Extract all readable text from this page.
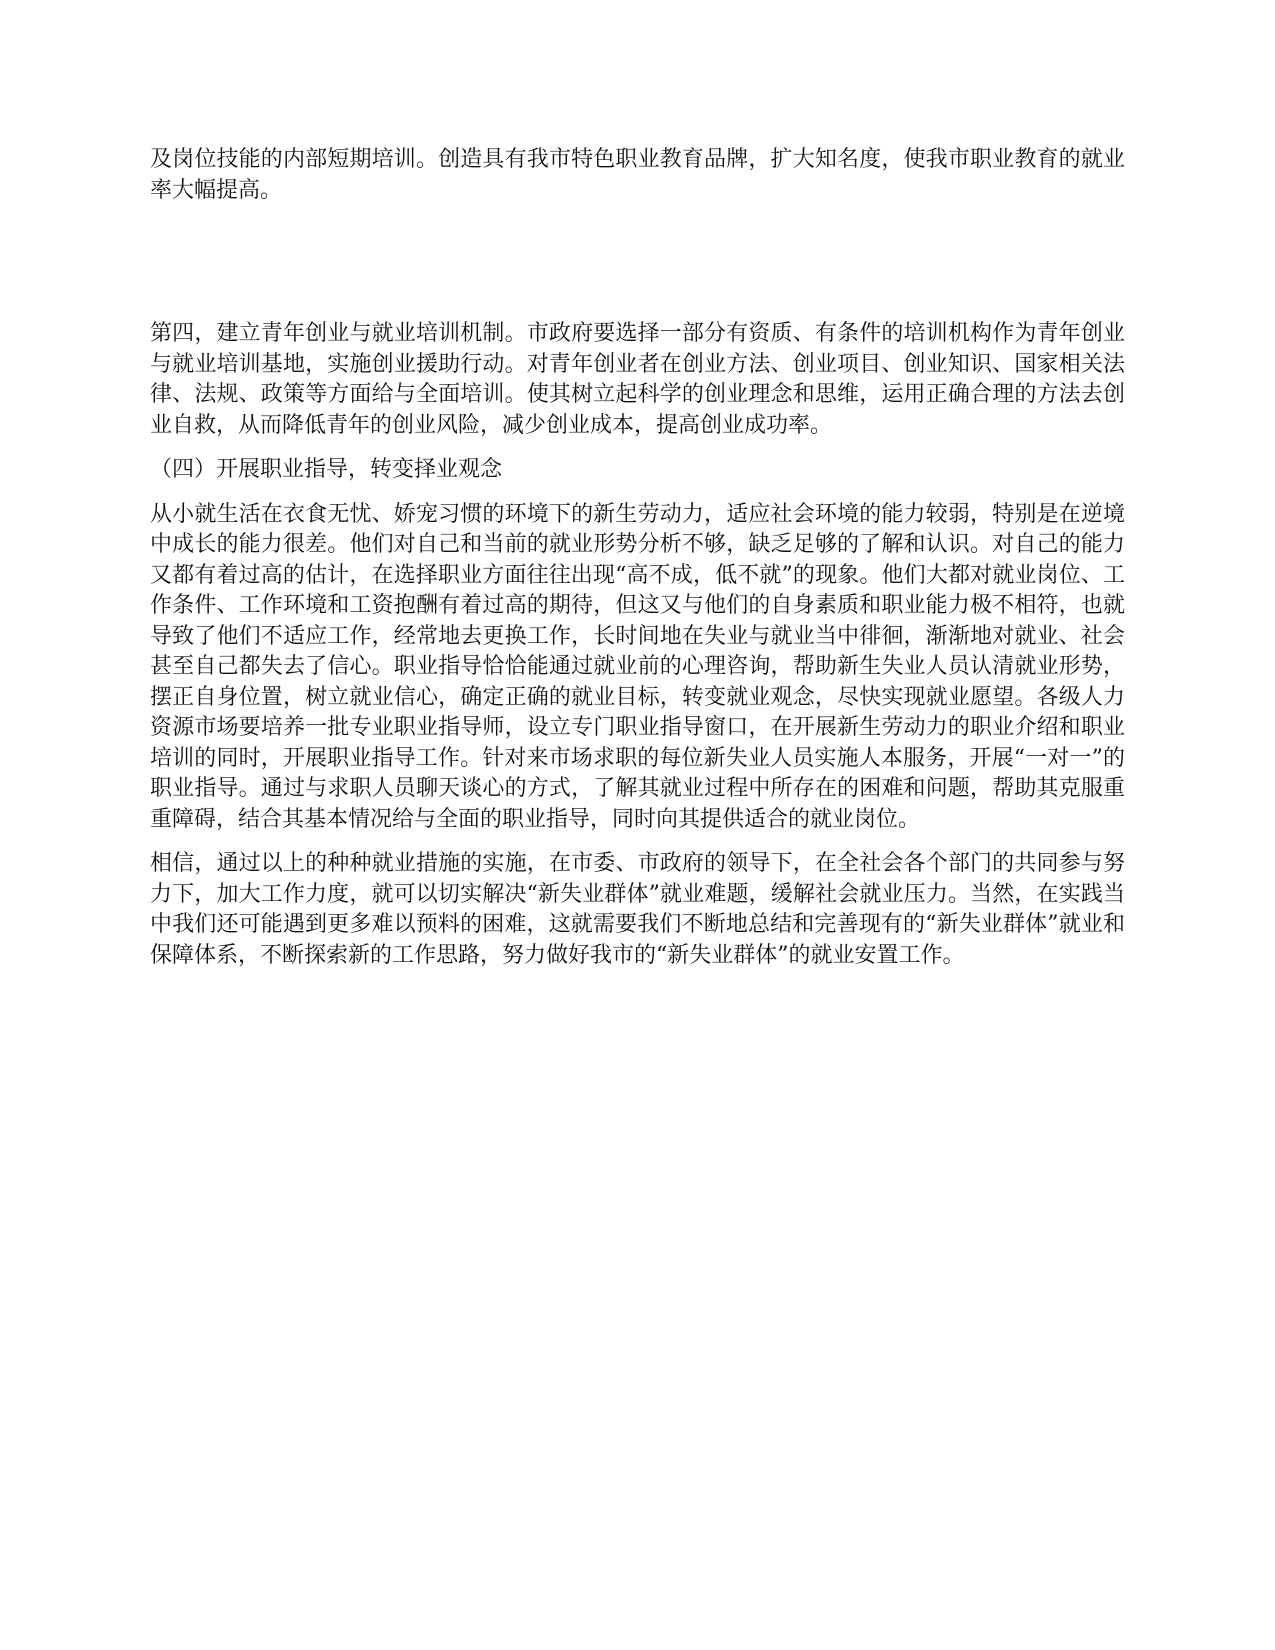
及岗位技能的内部短期培训。创造具有我市特色职业教育品牌，扩大知名度，使我市职业教育的就业率大幅提高。

第四，建立青年创业与就业培训机制。市政府要选择一部分有资质、有条件的培训机构作为青年创业与就业培训基地，实施创业援助行动。对青年创业者在创业方法、创业项目、创业知识、国家相关法律、法规、政策等方面给与全面培训。使其树立起科学的创业理念和思维，运用正确合理的方法去创业自救，从而降低青年的创业风险，减少创业成本，提高创业成功率。

（四）开展职业指导，转变择业观念

从小就生活在衣食无忧、娇宠习惯的环境下的新生劳动力，适应社会环境的能力较弱，特别是在逆境中成长的能力很差。他们对自己和当前的就业形势分析不够，缺乏足够的了解和认识。对自己的能力又都有着过高的估计，在选择职业方面往往出现“高不成，低不就”的现象。他们大都对就业岗位、工作条件、工作环境和工资抱酬有着过高的期待，但这又与他们的自身素质和职业能力极不相符，也就导致了他们不适应工作，经常地去更换工作，长时间地在失业与就业当中徘徊，渐渐地对就业、社会甚至自己都失去了信心。职业指导恰恰能通过就业前的心理咨询，帮助新生失业人员认清就业形势，摆正自身位置，树立就业信心，确定正确的就业目标，转变就业观念，尽快实现就业愿望。各级人力资源市场要培养一批专业职业指导师，设立专门职业指导窗口，在开展新生劳动力的职业介绍和职业培训的同时，开展职业指导工作。针对来市场求职的每位新失业人员实施人本服务，开展“一对一”的职业指导。通过与求职人员聊天谈心的方式，了解其就业过程中所存在的困难和问题，帮助其克服重重障碍，结合其基本情况给与全面的职业指导，同时向其提供适合的就业岗位。

相信，通过以上的种种就业措施的实施，在市委、市政府的领导下，在全社会各个部门的共同参与努力下，加大工作力度，就可以切实解决“新失业群体”就业难题，缓解社会就业压力。当然，在实践当中我们还可能遇到更多难以预料的困难，这就需要我们不断地总结和完善现有的“新失业群体”就业和保障体系，不断探索新的工作思路，努力做好我市的“新失业群体”的就业安置工作。
